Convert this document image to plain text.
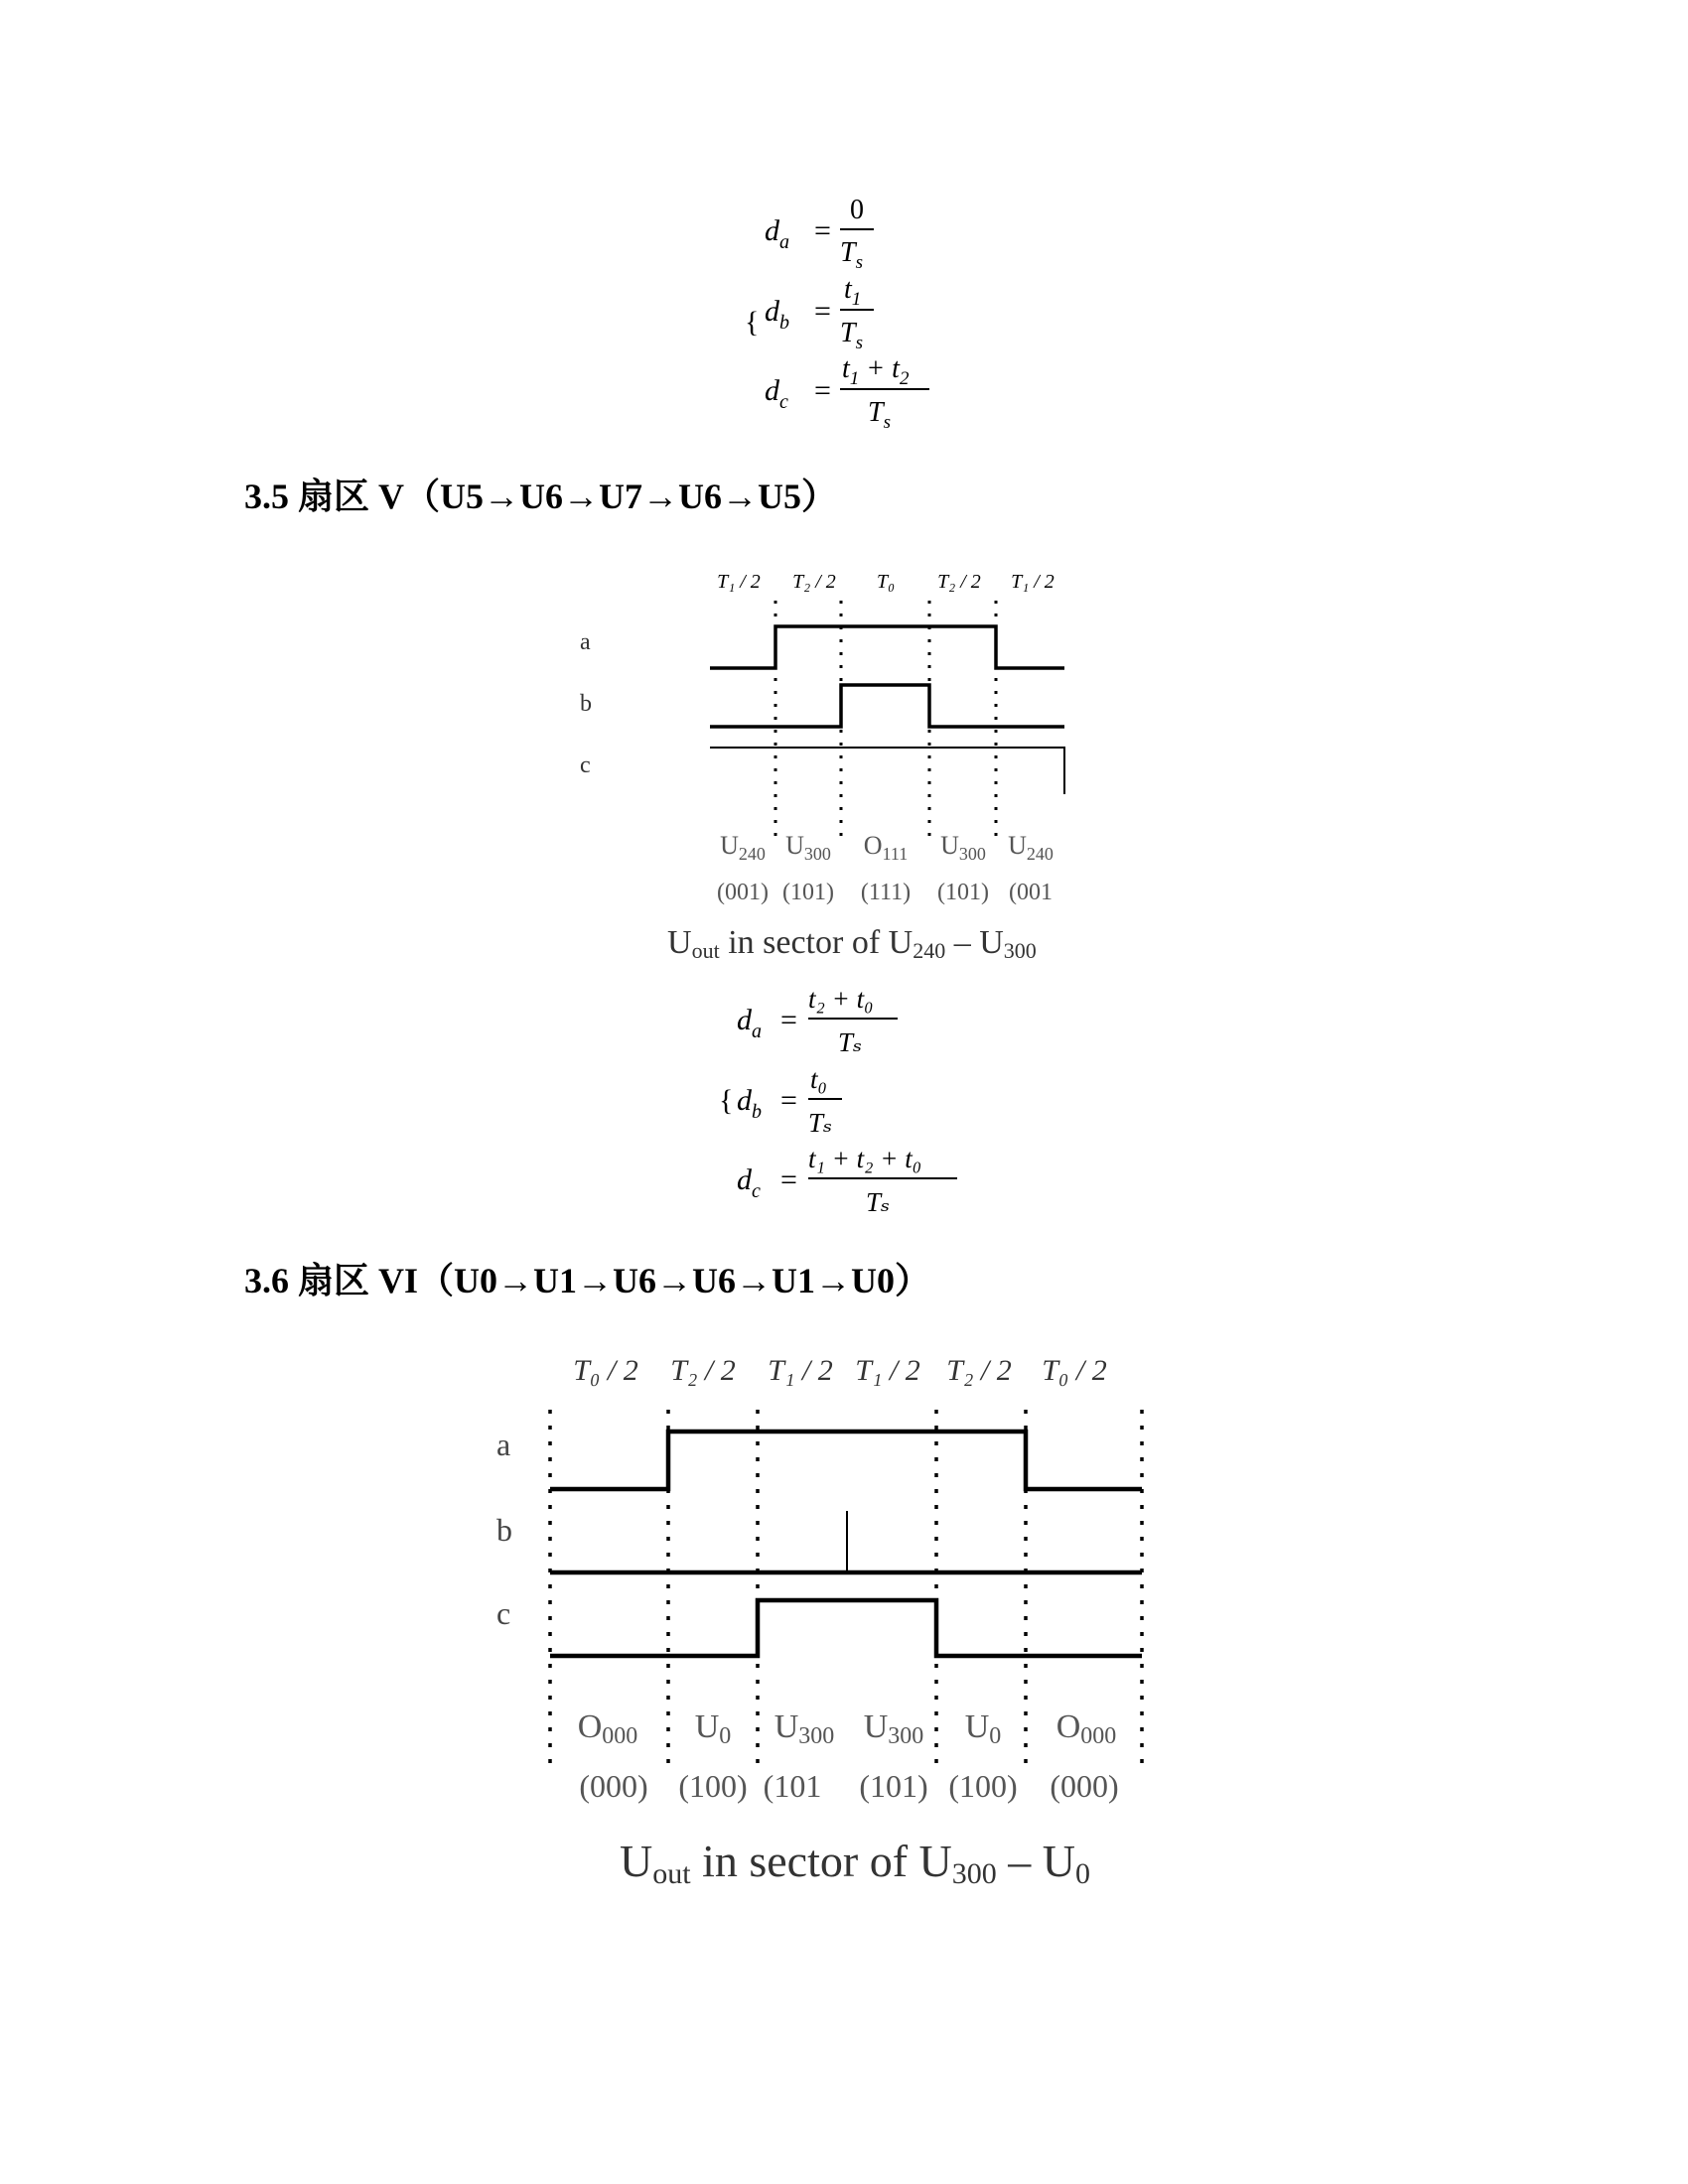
{
$d_a$ =
0
$T_s$
$d_b$ =
$t_1$
$T_s$
$d_c$ =
$t_1 + t_2$
$T_s$
3.5 扇区 V（U5→U6→U7→U6→U5）
T₁ / 2 T₂ / 2 T₀ T₂ / 2 T₁ / 2
a
b
c
$U_{240}$ $U_{300}$ $O_{111}$ $U_{300}$ $U_{240}$
(001) (101) (111) (101) (001
Uout in sector of U240 – U300
{
$d_a$ =
t₂ + t₀
Tₛ
$d_b$ =
t₀
Tₛ
$d_c$ =
t₁ + t₂ + t₀
Tₛ
3.6 扇区 VI（U0→U1→U6→U6→U1→U0）
T₀ / 2 T₂ / 2 T₁ / 2 T₁ / 2 T₂ / 2 T₀ / 2
a
b
c
O000 U0 U300 U300 U0 O000
(000) (100) (101 (101) (100) (000)
Uout in sector of U300 – U0
